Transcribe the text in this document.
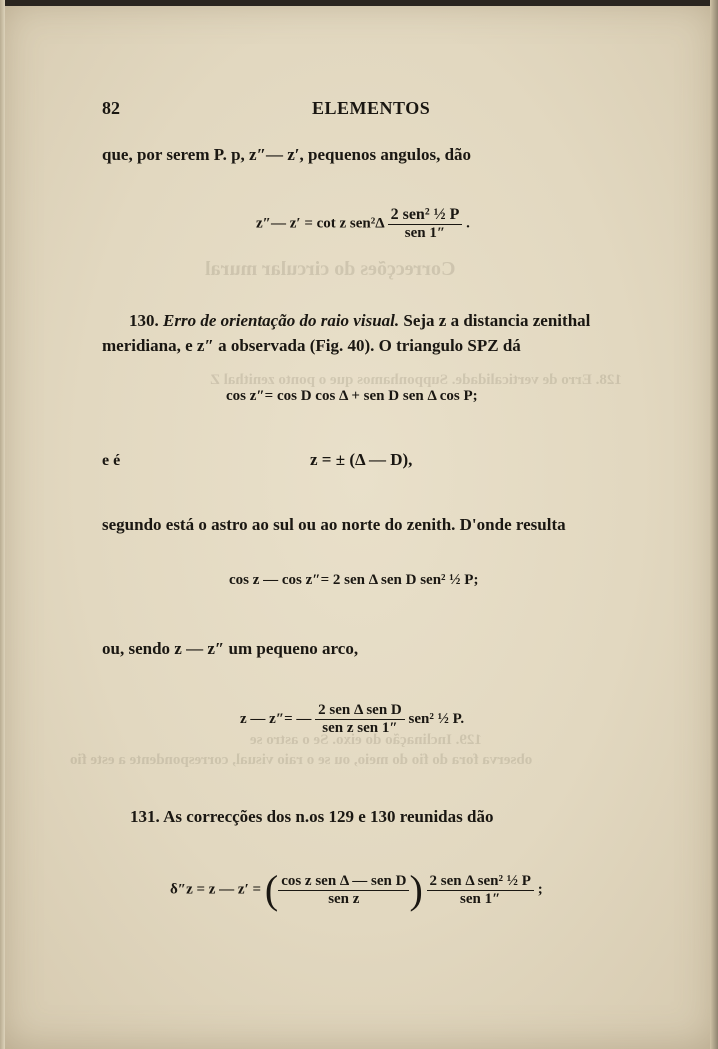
Correcções do circular mural
128. Erro de verticalidade. Supponhamos que o ponto zenithal Z
129. Inclinação do eixo. Se o astro se
observa fora do fio do meio, ou se o raio visual, correspondente a este fio
82	ELEMENTOS
que, por serem P. p, z″— z′, pequenos angulos, dão
z″— z′ = cot z $sen^2\Delta \frac{\text{2 sen² ½ P}}{\text{sen 1″}}$ .
130. Erro de orientação do raio visual. Seja z a distancia zenithal
meridiana, e z″ a observada (Fig. 40). O triangulo SPZ dá
cos z″= cos D cos Δ + sen D sen Δ cos P;
e é	z = ± (Δ — D),
segundo está o astro ao sul ou ao norte do zenith. D'onde resulta
cos z — cos z″= 2 sen Δ sen D sen² ½ P;
ou, sendo z — z″ um pequeno arco,
z — z″= — $\frac{\text{2 sen Δ sen D}}{\text{sen z sen 1″}} sen^2$ ½ P.
131. As correcções dos n.os 129 e 130 reunidas dão
δ″z = z — z′ = ( $\frac{\text{cos z sen Δ — sen D}}{\text{sen z}}$ ) $\frac{\text{2 sen Δ sen² ½ P}}{\text{sen 1″}}$ ;
